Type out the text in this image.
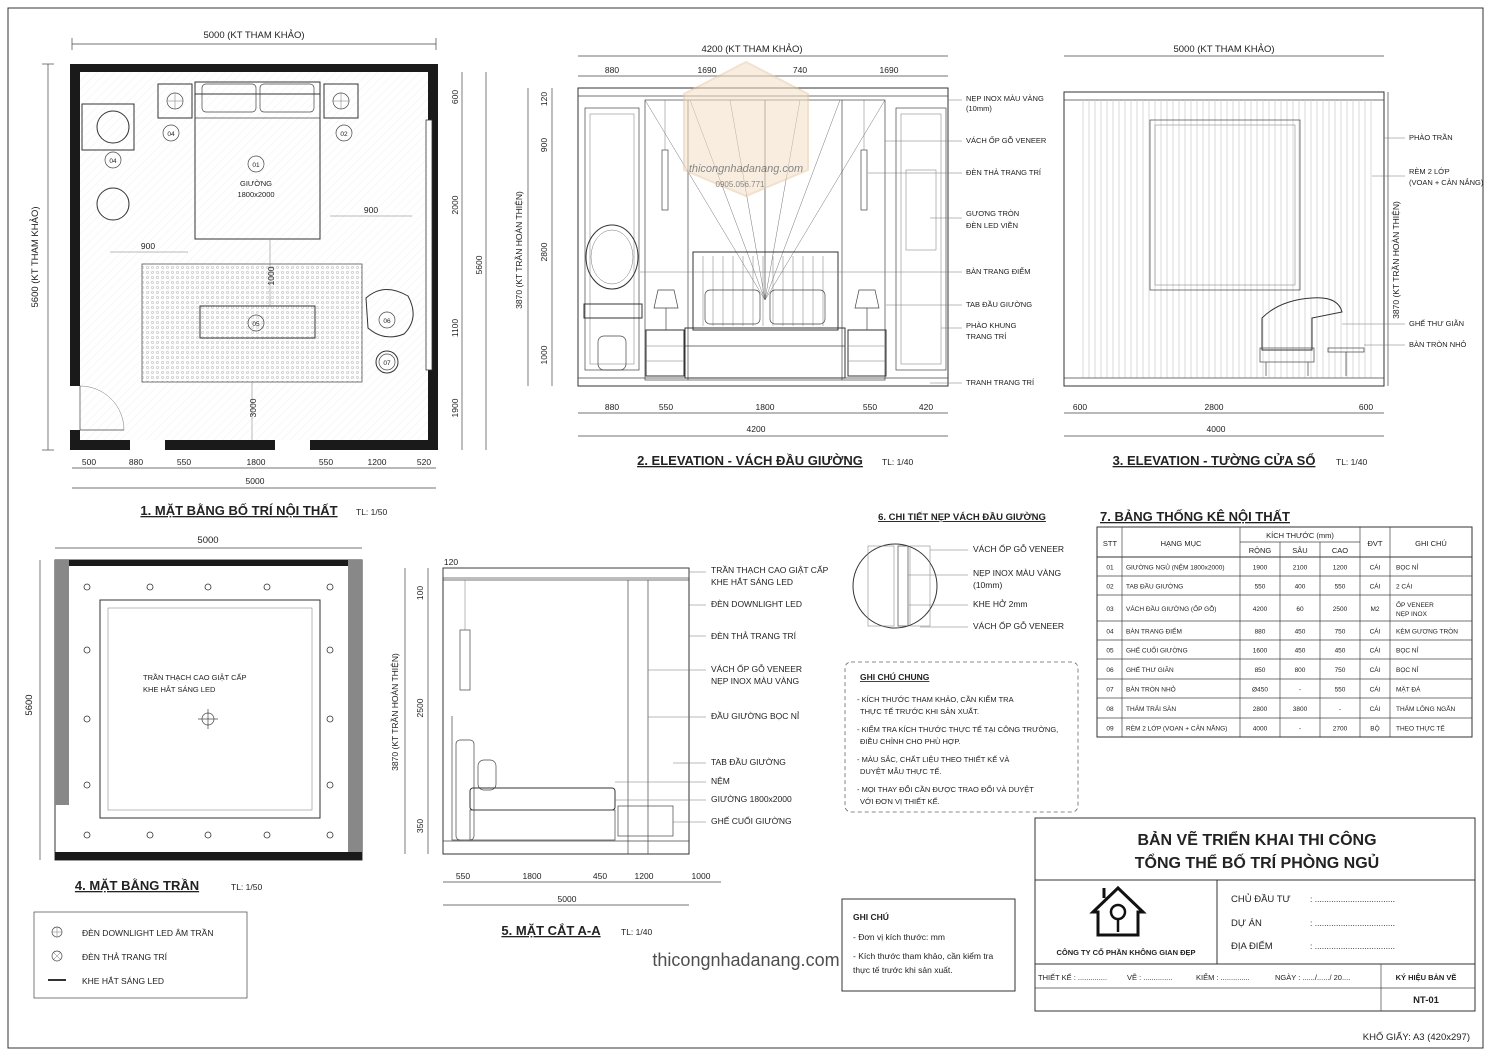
5000 (KT THAM KHẢO)
5600 (KT THAM KHẢO)
GIƯỜNG
1800x2000
900
900
1000
3000
01
02
04
04
05	06
07
600
2000
5600
1100
1900
500	880	550	1800	550	1200	520
5000
1. MẶT BẰNG BỐ TRÍ NỘI THẤT TL: 1/50
4200 (KT THAM KHẢO)
880	1690	740	1690
3870 (KT TRẦN HOÀN THIỆN)
120
900
2800
1000
NẸP INOX MÀU VÀNG
(10mm)
VÁCH ỐP GỖ VENEER
ĐÈN THẢ TRANG TRÍ
GƯƠNG TRÒN
ĐÈN LED VIỀN
BÀN TRANG ĐIỂM
TAB ĐẦU GIƯỜNG
PHÀO KHUNG
TRANG TRÍ
TRANH TRANG TRÍ
880	550	1800	550	420
4200
2. ELEVATION - VÁCH ĐẦU GIƯỜNG TL: 1/40
5000 (KT THAM KHẢO)
3870 (KT TRẦN HOÀN THIỆN)
PHÀO TRẦN
RÈM 2 LỚP
(VOAN + CẢN NẮNG)
GHẾ THƯ GIÃN
BÀN TRÒN NHỎ
600	2800	600
4000
3. ELEVATION - TƯỜNG CỬA SỔ TL: 1/40
5000
5600
TRẦN THẠCH CAO GIẬT CẤP
KHE HẮT SÁNG LED
4. MẶT BẰNG TRẦN	TL: 1/50
ĐÈN DOWNLIGHT LED ÂM TRẦN
ĐÈN THẢ TRANG TRÍ
KHE HẮT SÁNG LED
3870 (KT TRẦN HOÀN THIỆN)
120
100
2500
350
TRẦN THẠCH CAO GIẬT CẤP
KHE HẮT SÁNG LED
ĐÈN DOWNLIGHT LED
ĐÈN THẢ TRANG TRÍ
VÁCH ỐP GỖ VENEER
NẸP INOX MÀU VÀNG
ĐẦU GIƯỜNG BỌC NỈ
TAB ĐẦU GIƯỜNG
NỆM
GIƯỜNG 1800x2000
GHẾ CUỐI GIƯỜNG
550	1800	450	1200	1000
5000
5. MẶT CẮT A-A TL: 1/40
6. CHI TIẾT NẸP VÁCH ĐẦU GIƯỜNG
VÁCH ỐP GỖ VENEER
NẸP INOX MÀU VÀNG
(10mm)
KHE HỞ 2mm
VÁCH ỐP GỖ VENEER
GHI CHÚ CHUNG
- KÍCH THƯỚC THAM KHẢO, CẦN KIỂM TRA
THỰC TẾ TRƯỚC KHI SẢN XUẤT.
- KIỂM TRA KÍCH THƯỚC THỰC TẾ TẠI CÔNG TRƯỜNG,
ĐIỀU CHỈNH CHO PHÙ HỢP.
- MÀU SẮC, CHẤT LIỆU THEO THIẾT KẾ VÀ
DUYỆT MẪU THỰC TẾ.
- MỌI THAY ĐỔI CẦN ĐƯỢC TRAO ĐỔI VÀ DUYỆT
VỚI ĐƠN VỊ THIẾT KẾ.
7. BẢNG THỐNG KÊ NỘI THẤT
STT	HẠNG MỤC
KÍCH THƯỚC (mm)
RỘNG	SÂU	CAO
ĐVT	GHI CHÚ
01 GIƯỜNG NGỦ (NỆM 1800x2000)	1900	2100	1200	CÁI BỌC NỈ
02 TAB ĐẦU GIƯỜNG	550	400	550	CÁI 2 CÁI
03 VÁCH ĐẦU GIƯỜNG (ỐP GỖ)	4200	60	2500	M2
ỐP VENEER
NẸP INOX
04 BÀN TRANG ĐIỂM	880	450	750	CÁI KÈM GƯƠNG TRÒN
05 GHẾ CUỐI GIƯỜNG	1600	450	450	CÁI BỌC NỈ
06 GHẾ THƯ GIÃN	850	800	750	CÁI BỌC NỈ
07 BÀN TRÒN NHỎ	Ø450	-	550	CÁI MẶT ĐÁ
08 THẢM TRẢI SÀN	2800	3800	-	CÁI THẢM LÔNG NGẮN
09 RÈM 2 LỚP (VOAN + CẢN NẮNG)	4000	-	2700	BỘ	THEO THỰC TẾ
GHI CHÚ
- Đơn vị kích thước: mm
- Kích thước tham khảo, cần kiểm tra
thực tế trước khi sản xuất.
BẢN VẼ TRIỂN KHAI THI CÔNG
TỔNG THỂ BỐ TRÍ PHÒNG NGỦ
CÔNG TY CỔ PHẦN KHÔNG GIAN ĐẸP
CHỦ ĐẦU TƯ : ..................................
DỰ ÁN	: ..................................
ĐỊA ĐIỂM	: ..................................
THIẾT KẾ : ..............	VẼ : ..............	KIỂM : ..............	NGÀY : ....../....../ 20....	KÝ HIỆU BẢN VẼ
NT-01
KHỔ GIẤY: A3 (420x297)
thicongnhadanang.com
0905.056.771
thicongnhadanang.com
